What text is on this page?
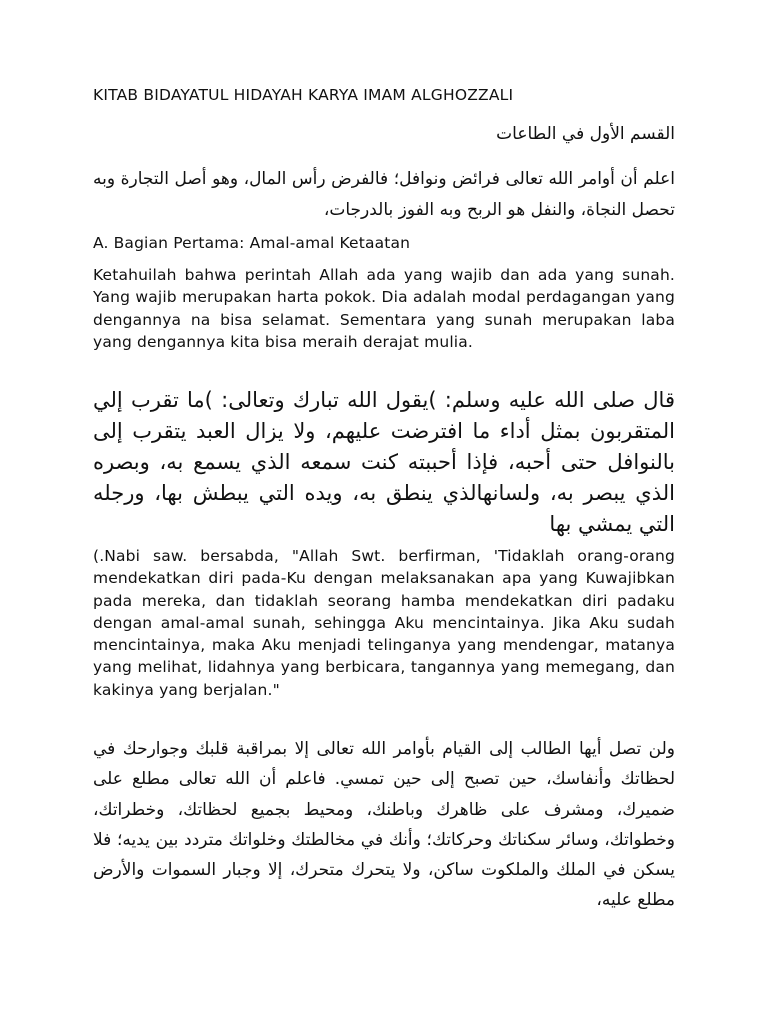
KITAB BIDAYATUL HIDAYAH KARYA IMAM ALGHOZZALI
القسم الأول في الطاعات
اعلم أن أوامر الله تعالى فرائض ونوافل؛ فالفرض رأس المال، وهو أصل التجارة وبه تحصل النجاة، والنفل هو الربح وبه الفوز بالدرجات،
A. Bagian Pertama: Amal-amal Ketaatan
Ketahuilah bahwa perintah Allah ada yang wajib dan ada yang sunah. Yang wajib merupakan harta pokok. Dia adalah modal perdagangan yang dengannya na bisa selamat. Sementara yang sunah merupakan laba yang dengannya kita bisa meraih derajat mulia.
قال صلى الله عليه وسلم: )يقول الله تبارك وتعالى: )ما تقرب إلي المتقربون بمثل أداء ما افترضت عليهم، ولا يزال العبد يتقرب إلى بالنوافل حتى أحبه، فإذا أحببته كنت سمعه الذي يسمع به، وبصره الذي يبصر به، ولسانهالذي ينطق به، ويده التي يبطش بها، ورجله التي يمشي بها
(.Nabi saw. bersabda, "Allah Swt. berfirman, 'Tidaklah orang-orang mendekatkan diri pada-Ku dengan melaksanakan apa yang Kuwajibkan pada mereka, dan tidaklah seorang hamba mendekatkan diri padaku dengan amal-amal sunah, sehingga Aku mencintainya. Jika Aku sudah mencintainya, maka Aku menjadi telinganya yang mendengar, matanya yang melihat, lidahnya yang berbicara, tangannya yang memegang, dan kakinya yang berjalan."
ولن تصل أيها الطالب إلى القيام بأوامر الله تعالى إلا بمراقبة قلبك وجوارحك في لحظاتك وأنفاسك، حين تصبح إلى حين تمسي. فاعلم أن الله تعالى مطلع على ضميرك، ومشرف على ظاهرك وباطنك، ومحيط بجميع لحظاتك، وخطراتك، وخطواتك، وسائر سكناتك وحركاتك؛ وأنك في مخالطتك وخلواتك متردد بين يديه؛ فلا يسكن في الملك والملكوت ساكن، ولا يتحرك متحرك، إلا وجبار السموات والأرض مطلع عليه،
